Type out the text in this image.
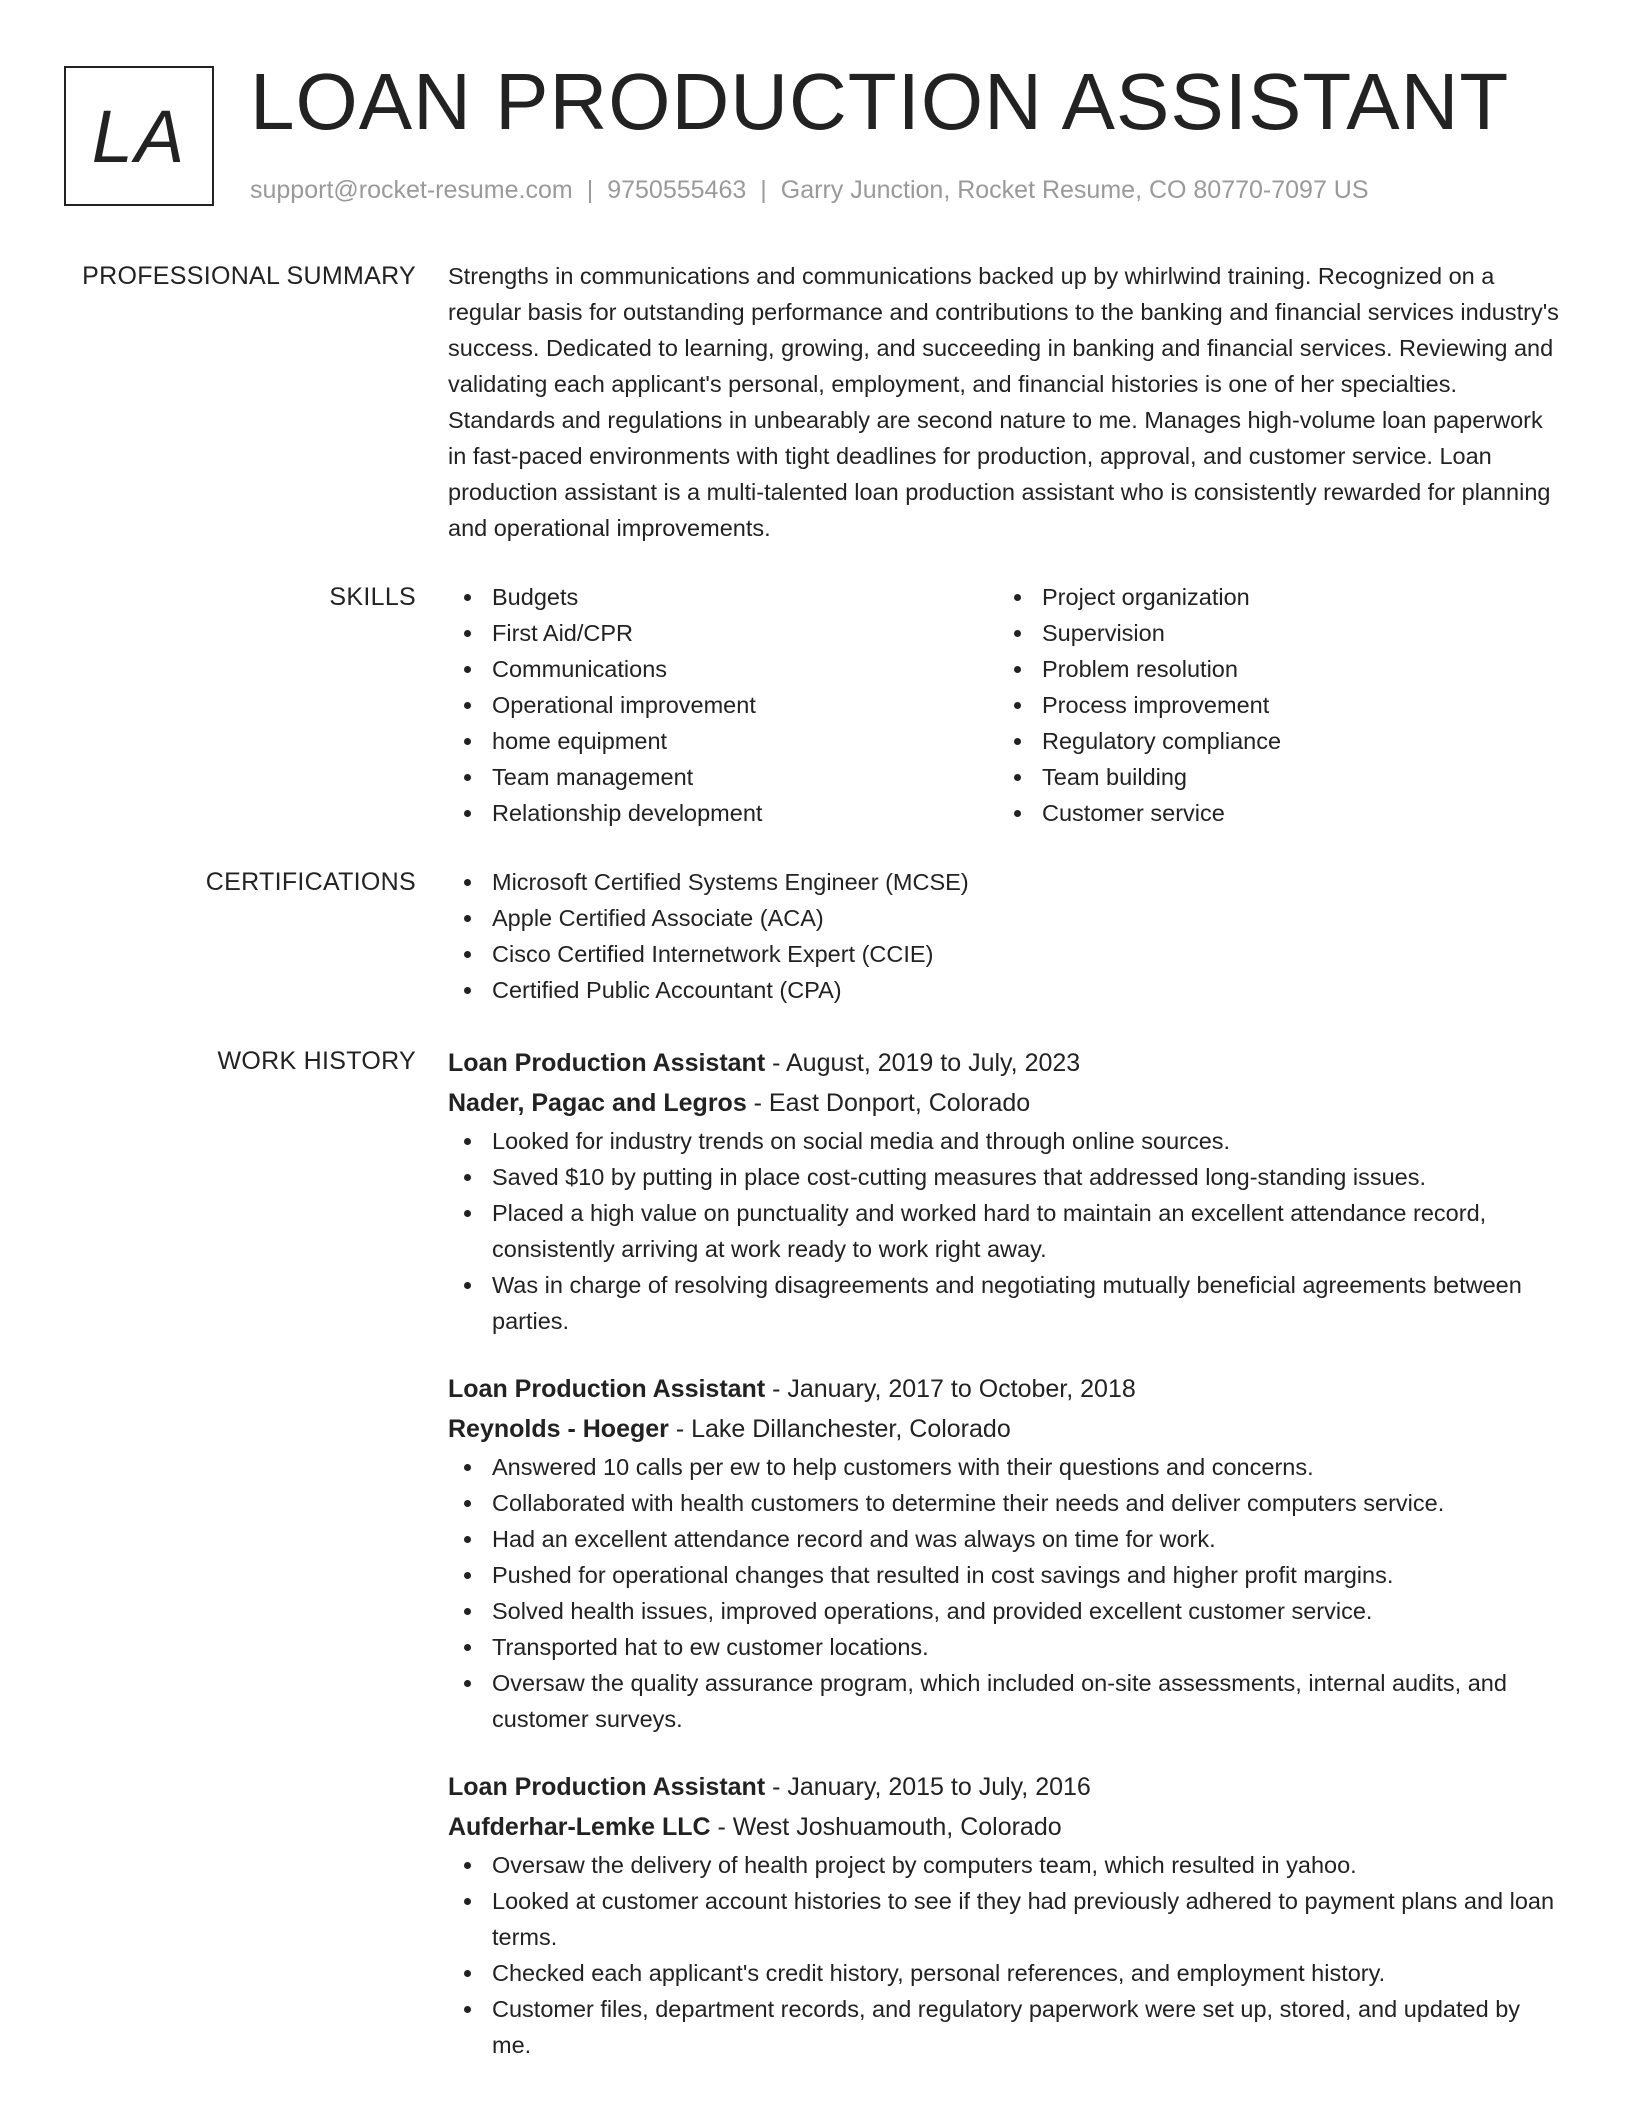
LA LOAN PRODUCTION ASSISTANT
support@rocket-resume.com | 9750555463 | Garry Junction, Rocket Resume, CO 80770-7097 US
PROFESSIONAL SUMMARY Strengths in communications and communications backed up by whirlwind training. Recognized on a regular basis for outstanding performance and contributions to the banking and financial services industry's success. Dedicated to learning, growing, and succeeding in banking and financial services. Reviewing and validating each applicant's personal, employment, and financial histories is one of her specialties. Standards and regulations in unbearably are second nature to me. Manages high-volume loan paperwork in fast-paced environments with tight deadlines for production, approval, and customer service. Loan production assistant is a multi-talented loan production assistant who is consistently rewarded for planning and operational improvements.

SKILLS	Budgets
First Aid/CPR
Communications
Operational improvement
home equipment
Team management
Relationship development
Project organization
Supervision
Problem resolution
Process improvement
Regulatory compliance
Team building
Customer service
CERTIFICATIONS	Microsoft Certified Systems Engineer (MCSE)
Apple Certified Associate (ACA)
Cisco Certified Internetwork Expert (CCIE)
Certified Public Accountant (CPA)
WORK HISTORY Loan Production Assistant - August, 2019 to July, 2023
Nader, Pagac and Legros - East Donport, Colorado
Looked for industry trends on social media and through online sources.
Saved $10 by putting in place cost-cutting measures that addressed long-standing issues.
Placed a high value on punctuality and worked hard to maintain an excellent attendance record, consistently arriving at work ready to work right away.
Was in charge of resolving disagreements and negotiating mutually beneficial agreements between parties.
Loan Production Assistant - January, 2017 to October, 2018
Reynolds - Hoeger - Lake Dillanchester, Colorado
Answered 10 calls per ew to help customers with their questions and concerns.
Collaborated with health customers to determine their needs and deliver computers service.
Had an excellent attendance record and was always on time for work.
Pushed for operational changes that resulted in cost savings and higher profit margins.
Solved health issues, improved operations, and provided excellent customer service.
Transported hat to ew customer locations.
Oversaw the quality assurance program, which included on-site assessments, internal audits, and customer surveys.
Loan Production Assistant - January, 2015 to July, 2016
Aufderhar-Lemke LLC - West Joshuamouth, Colorado
Oversaw the delivery of health project by computers team, which resulted in yahoo.
Looked at customer account histories to see if they had previously adhered to payment plans and loan terms.
Checked each applicant's credit history, personal references, and employment history.
Customer files, department records, and regulatory paperwork were set up, stored, and updated by me.
